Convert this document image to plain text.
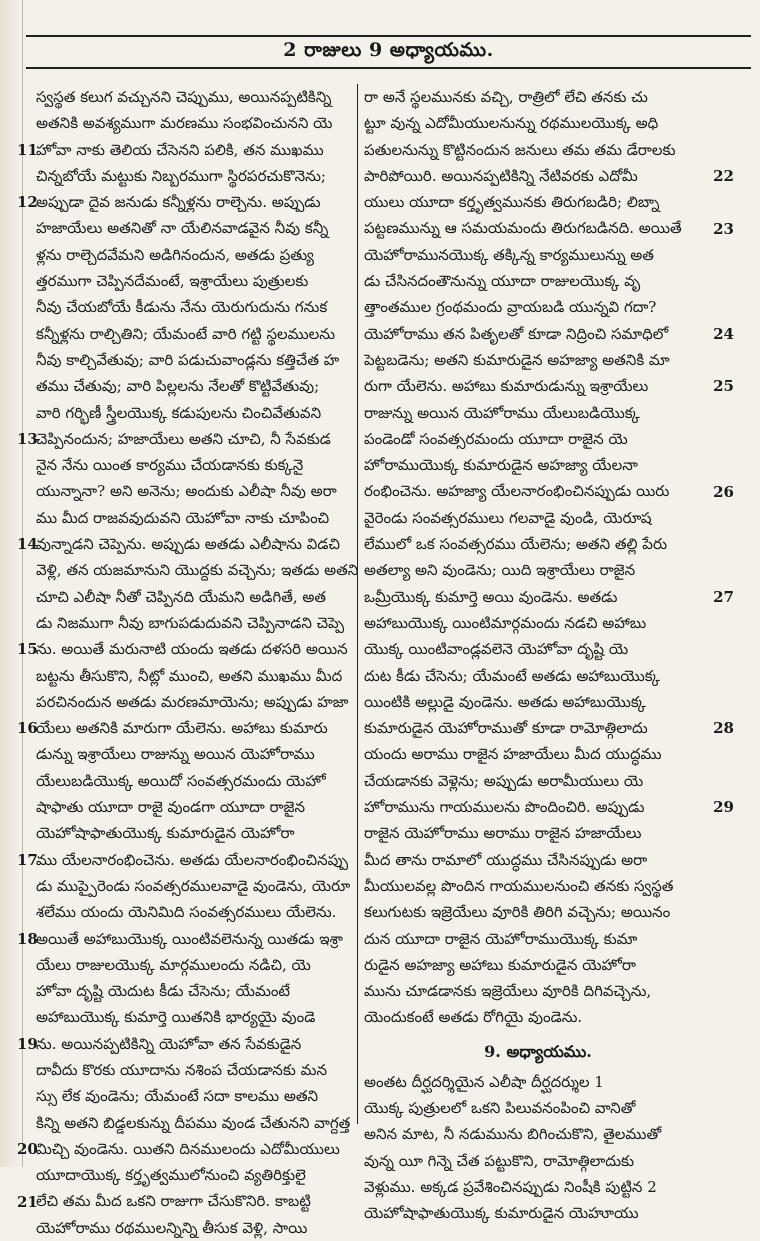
2 రాజులు 9 అధ్యాయము.
స్వస్థత కలుగ వచ్చునని చెప్పుము, అయినప్పటికిన్ని
అతనికి అవశ్యముగా మరణము సంభవించునని యె
హోవా నాకు తెలియ చేసెనని పలికి, తన ముఖము
చిన్నబోయే మట్టుకు నిబ్బరముగా స్థిరపరచుకొనెను;
అప్పుడా దైవ జనుడు కన్నీళ్లను రాల్చెను. అప్పుడు
హజాయేలు అతనితో నా యేలినవాడవైన నీవు కన్నీ
ళ్లను రాల్చెదవేమని అడిగినందున, అతడు ప్రత్యు
త్తరముగా చెప్పినదేమంటే, ఇశ్రాయేలు పుత్రులకు
నీవు చేయబోయే కీడును నేను యెరుగుదును గనుక
కన్నీళ్లను రాల్చితిని; యేమంటే వారి గట్టి స్థలములను
నీవు కాల్చివేతువు; వారి పడుచువాండ్లను కత్తిచేత హ
తము చేతువు; వారి పిల్లలను నేలతో కొట్టివేతువు;
వారి గర్భిణీ స్త్రీలయొక్క కడుపులను చించివేతువని
చెప్పినందున; హజాయేలు అతని చూచి, నీ సేవకుడ
నైన నేను యింత కార్యము చేయడానకు కుక్కనై
యున్నానా? అని అనెను; అందుకు ఎలీషా నీవు అరా
ము మీద రాజవవుదువని యెహోవా నాకు చూపించి
వున్నాడని చెప్పెను. అప్పుడు అతడు ఎలీషాను విడచి
వెళ్లి, తన యజమానుని యొద్దకు వచ్చెను; ఇతడు అతని
చూచి ఎలీషా నీతో చెప్పినది యేమని అడిగితే, అత
డు నిజముగా నీవు బాగుపడుదువని చెప్పినాడని చెప్పె
ను. అయితే మరునాటి యందు ఇతడు దళసరి అయిన
బట్టను తీసుకొని, నీట్లో ముంచి, అతని ముఖము మీద
పరచినందున అతడు మరణమాయెను; అప్పుడు హజా
యేలు అతనికి మారుగా యేలెను. అహాబు కుమారు
డున్ను ఇశ్రాయేలు రాజున్ను అయిన యెహోరాము
యేలుబడియొక్క అయిదో సంవత్సరమందు యెహో
షాఫాతు యూదా రాజై వుండగా యూదా రాజైన
యెహోషాఫాతుయొక్క కుమారుడైన యెహోరా
ము యేలనారంభించెను. అతడు యేలనారంభించినప్పు
డు ముప్పైరెండు సంవత్సరములవాడై వుండెను, యెరూ
శలేము యందు యెనిమిది సంవత్సరములు యేలెను.
అయితే అహాబుయొక్క యింటివలెనున్న యితడు ఇశ్రా
యేలు రాజులయొక్క మార్గములందు నడిచి, యె
హోవా దృష్టి యెదుట కీడు చేసెను; యేమంటే
అహాబుయొక్క కుమార్తె యితనికి భార్యయై వుండె
ను. అయినప్పటికిన్ని యెహోవా తన సేవకుడైన
దావీదు కొరకు యూదాను నశింప చేయడానకు మన
స్సు లేక వుండెను; యేమంటే సదా కాలము అతని
కిన్ని అతని బిడ్డలకున్ను దీపము వుండ చేతునని వాగ్దత్త
మిచ్చి వుండెను. యితని దినములందు ఎదోమీయులు
యూదాయొక్క కర్తృత్వములోనుంచి వ్యతిరిక్తులై
లేచి తమ మీద ఒకని రాజుగా చేసుకొనిరి. కాబట్టి
యెహోరాము రథములన్నిన్ని తీసుక వెళ్లి, సాయి
రా అనే స్థలమునకు వచ్చి, రాత్రిలో లేచి తనకు చు
ట్టూ వున్న ఎదోమీయులనున్ను రథములయొక్క అధి
పతులనున్ను కొట్టినందున జనులు తమ తమ డేరాలకు
పారిపోయిరి. అయినప్పటికిన్ని నేటివరకు ఎదోమీ
యులు యూదా కర్తృత్వమునకు తిరుగబడిరి; లిబ్నా
పట్టణమున్ను ఆ సమయమందు తిరుగబడినది. అయితే
యెహోరామునయొక్క తక్కిన్న కార్యములున్ను అత
డు చేసినదంతౌనున్ను యూదా రాజులయొక్క వృ
త్తాంతముల గ్రంథమందు వ్రాయబడి యున్నవి గదా?
యెహోరాము తన పితృలతో కూడా నిద్రించి సమాధిలో
పెట్టబడెను; అతని కుమారుడైన అహజ్యా అతనికి మా
రుగా యేలెను. అహాబు కుమారుడున్ను ఇశ్రాయేలు
రాజున్ను అయిన యెహోరాము యేలుబడియొక్క
పండెండో సంవత్సరమందు యూదా రాజైన యె
హోరాముయొక్క కుమారుడైన అహజ్యా యేలనా
రంభించెను. అహజ్యా యేలనారంభించినప్పుడు యిరు
వైరెండు సంవత్సరములు గలవాడై వుండి, యెరూష
లేములో ఒక సంవత్సరము యేలెను; అతని తల్లి పేరు
అతల్యా అని వుండెను; యిది ఇశ్రాయేలు రాజైన
ఒమ్రీయొక్క కుమార్తె అయి వుండెను. అతడు
అహాబుయొక్క యింటిమార్గమందు నడచి అహాబు
యొక్క యింటివాండ్లవలెనె యెహోవా దృష్టి యె
దుట కీడు చేసెను; యేమంటే అతడు అహాబుయొక్క
యింటికి అల్లుడై వుండెను. అతడు అహాబుయొక్క
కుమారుడైన యెహోరాముతో కూడా రామోత్గిలాదు
యందు అరాము రాజైన హజాయేలు మీద యుద్ధము
చేయడానకు వెళ్లెను; అప్పుడు అరామీయులు యె
హోరామును గాయములను పొందించిరి. అప్పుడు
రాజైన యెహోరాము అరాము రాజైన హజాయేలు
మీద తాను రామాలో యుద్ధము చేసినప్పుడు అరా
మీయులవల్ల పొందిన గాయములనుంచి తనకు స్వస్థత
కలుగుటకు ఇజ్రెయేలు వూరికి తిరిగి వచ్చెను; అయినం
దున యూదా రాజైన యెహోరాముయొక్క కుమా
రుడైన అహజ్యా అహాబు కుమారుడైన యెహోరా
మును చూడడానకు ఇజ్రెయేలు వూరికి దిగివచ్చెను,
యెందుకంటే అతడు రోగియై వుండెను.
9. అధ్యాయము.
అంతట దీర్ఘదర్శియైన ఎలీషా దీర్ఘదర్శుల 1
యొక్క పుత్రులలో ఒకని పిలువనంపించి వానితో
అనిన మాట, నీ నడుమును బిగించుకొని, తైలముతో
వున్న యీ గిన్నె చేత పట్టుకొని, రామోత్గిలాదుకు
వెళ్లుము. అక్కడ ప్రవేశించినప్పుడు నింషీకి పుట్టిన 2
యెహోషాఫాతుయొక్క కుమారుడైన యెహూయు
11
12
13
14
15
16
17
18
19
20
21
22
23
24
25
26
27
28
29
